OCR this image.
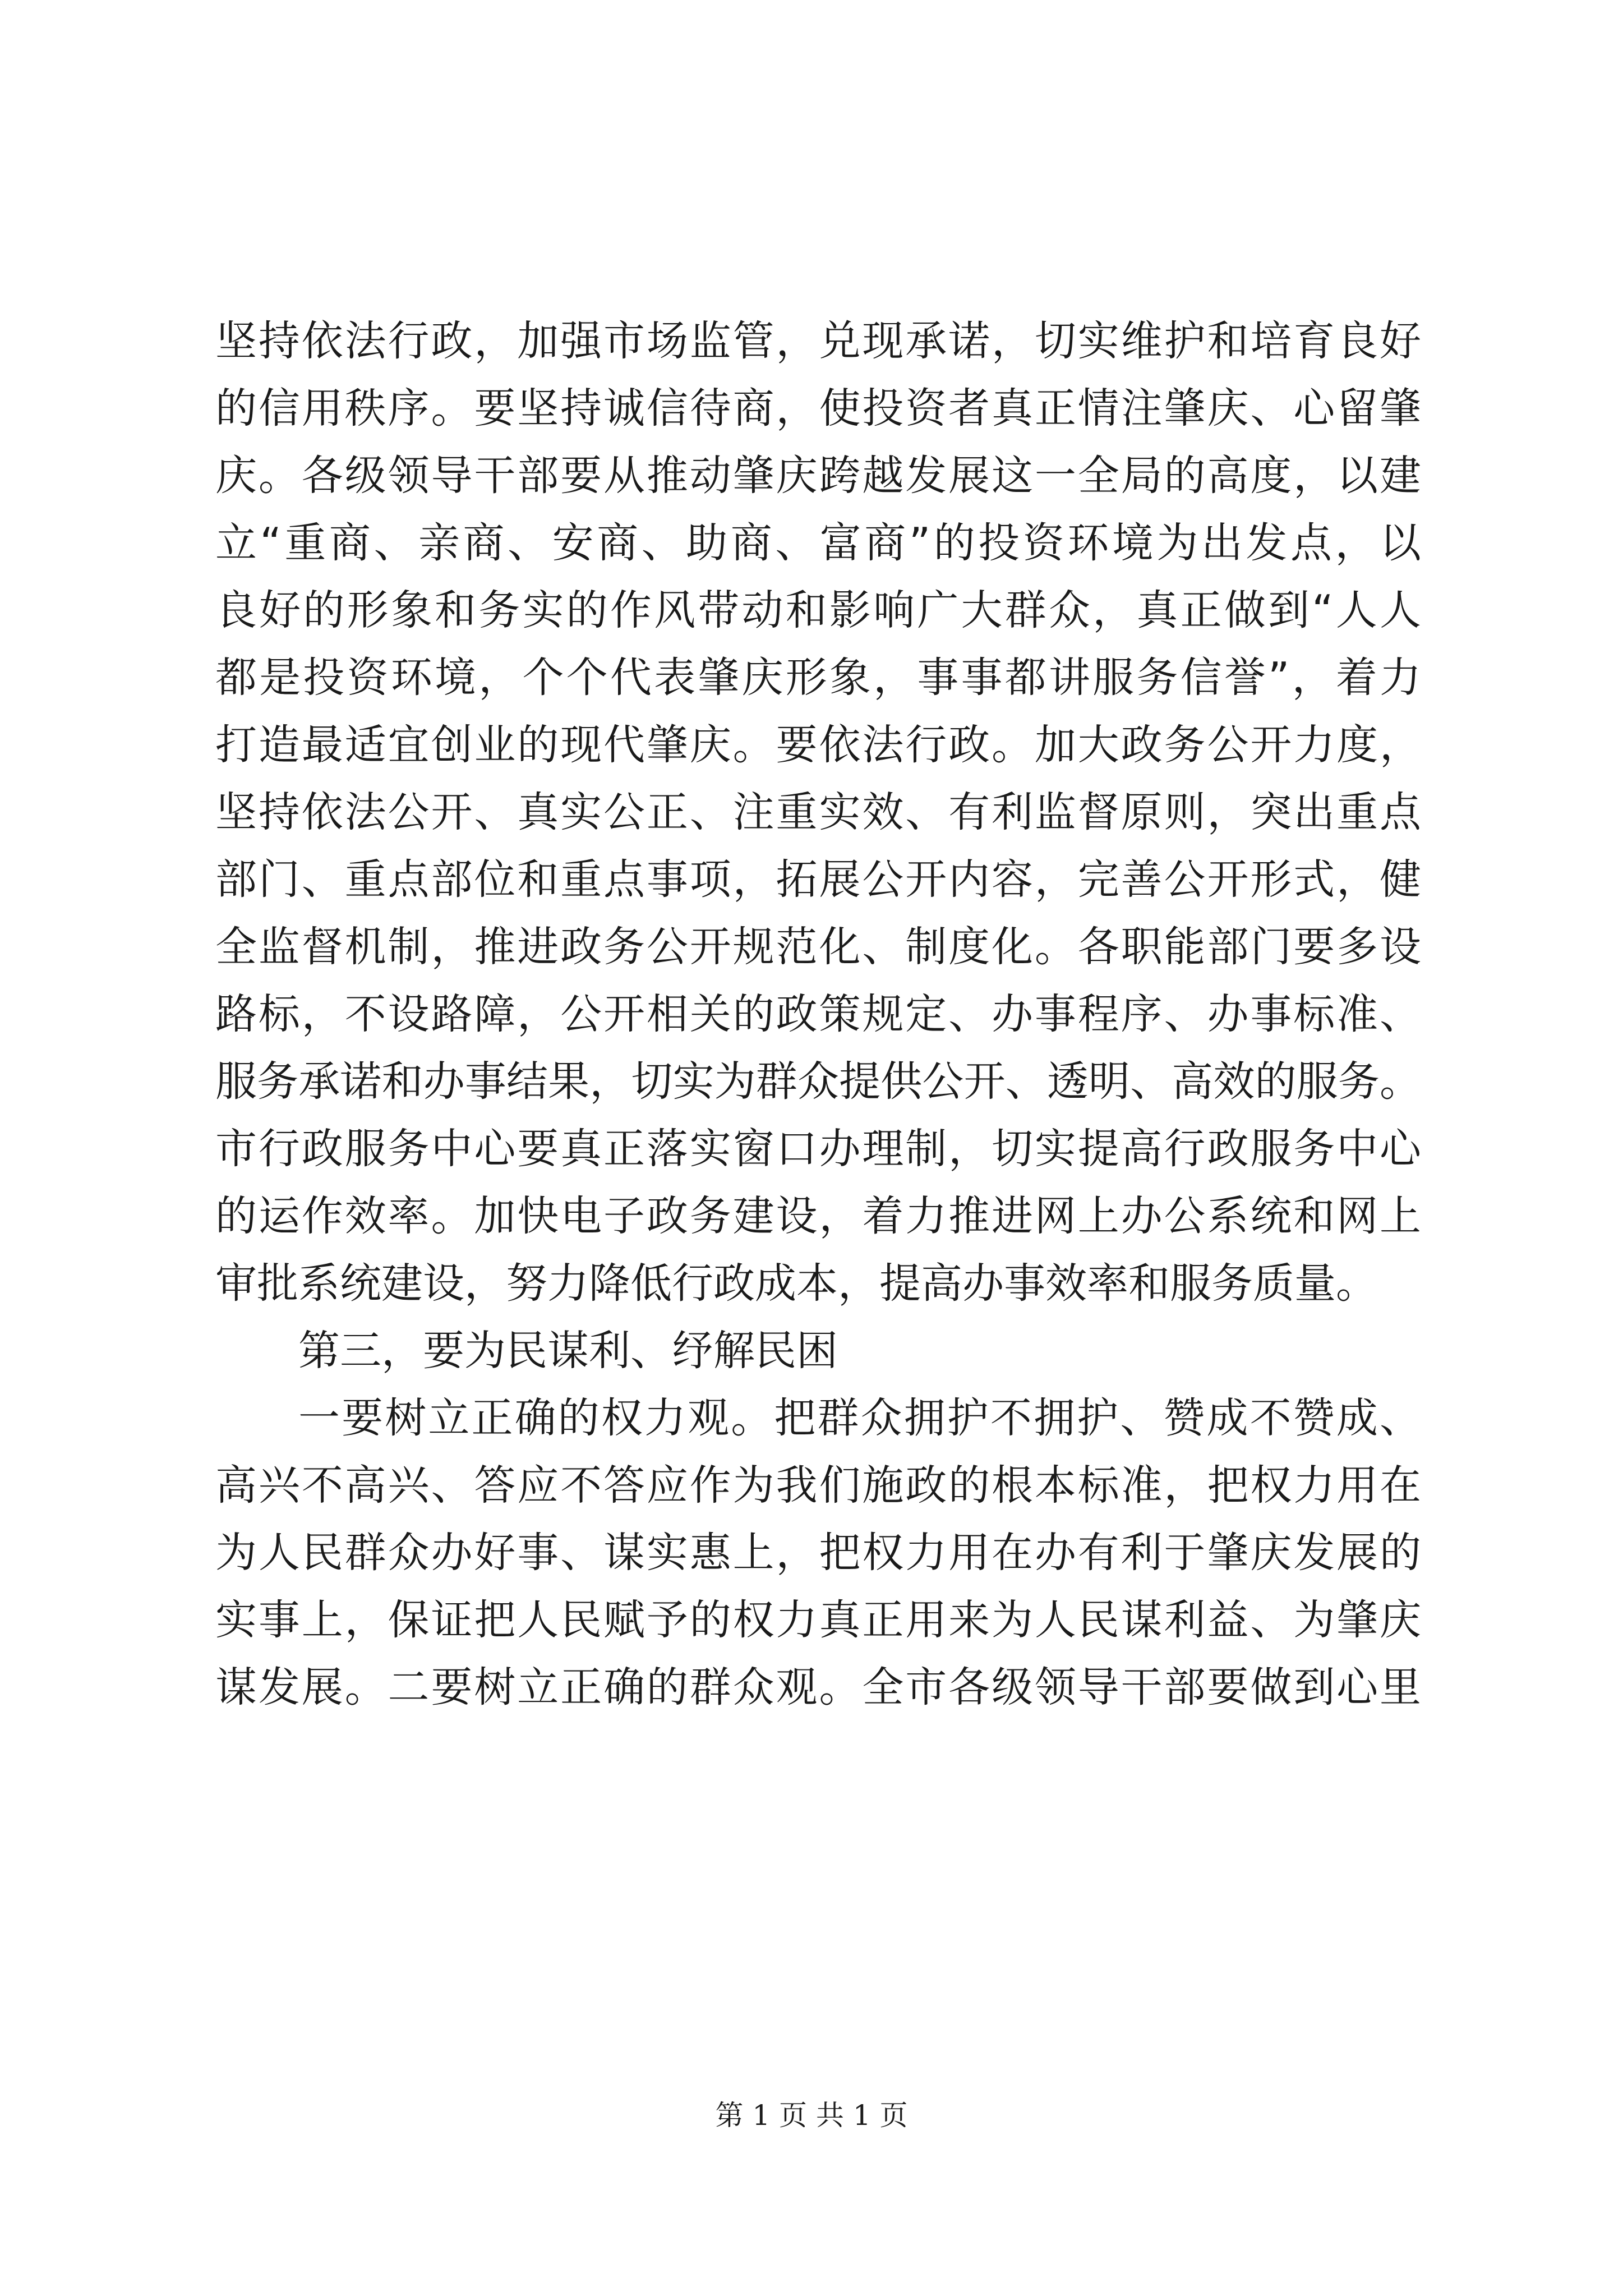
坚持依法行政，加强市场监管，兑现承诺，切实维护和培育良好
的信用秩序。要坚持诚信待商，使投资者真正情注肇庆、心留肇
庆。各级领导干部要从推动肇庆跨越发展这一全局的高度，以建
立“重商、亲商、安商、助商、富商”的投资环境为出发点，以
良好的形象和务实的作风带动和影响广大群众，真正做到“人人
都是投资环境，个个代表肇庆形象，事事都讲服务信誉”，着力
打造最适宜创业的现代肇庆。要依法行政。加大政务公开力度，
坚持依法公开、真实公正、注重实效、有利监督原则，突出重点
部门、重点部位和重点事项，拓展公开内容，完善公开形式，健
全监督机制，推进政务公开规范化、制度化。各职能部门要多设
路标，不设路障，公开相关的政策规定、办事程序、办事标准、
服务承诺和办事结果，切实为群众提供公开、透明、高效的服务。
市行政服务中心要真正落实窗口办理制，切实提高行政服务中心
的运作效率。加快电子政务建设，着力推进网上办公系统和网上
审批系统建设，努力降低行政成本，提高办事效率和服务质量。
第三，要为民谋利、纾解民困
一要树立正确的权力观。把群众拥护不拥护、赞成不赞成、
高兴不高兴、答应不答应作为我们施政的根本标准，把权力用在
为人民群众办好事、谋实惠上，把权力用在办有利于肇庆发展的
实事上，保证把人民赋予的权力真正用来为人民谋利益、为肇庆
谋发展。二要树立正确的群众观。全市各级领导干部要做到心里
第 1 页 共 1 页
